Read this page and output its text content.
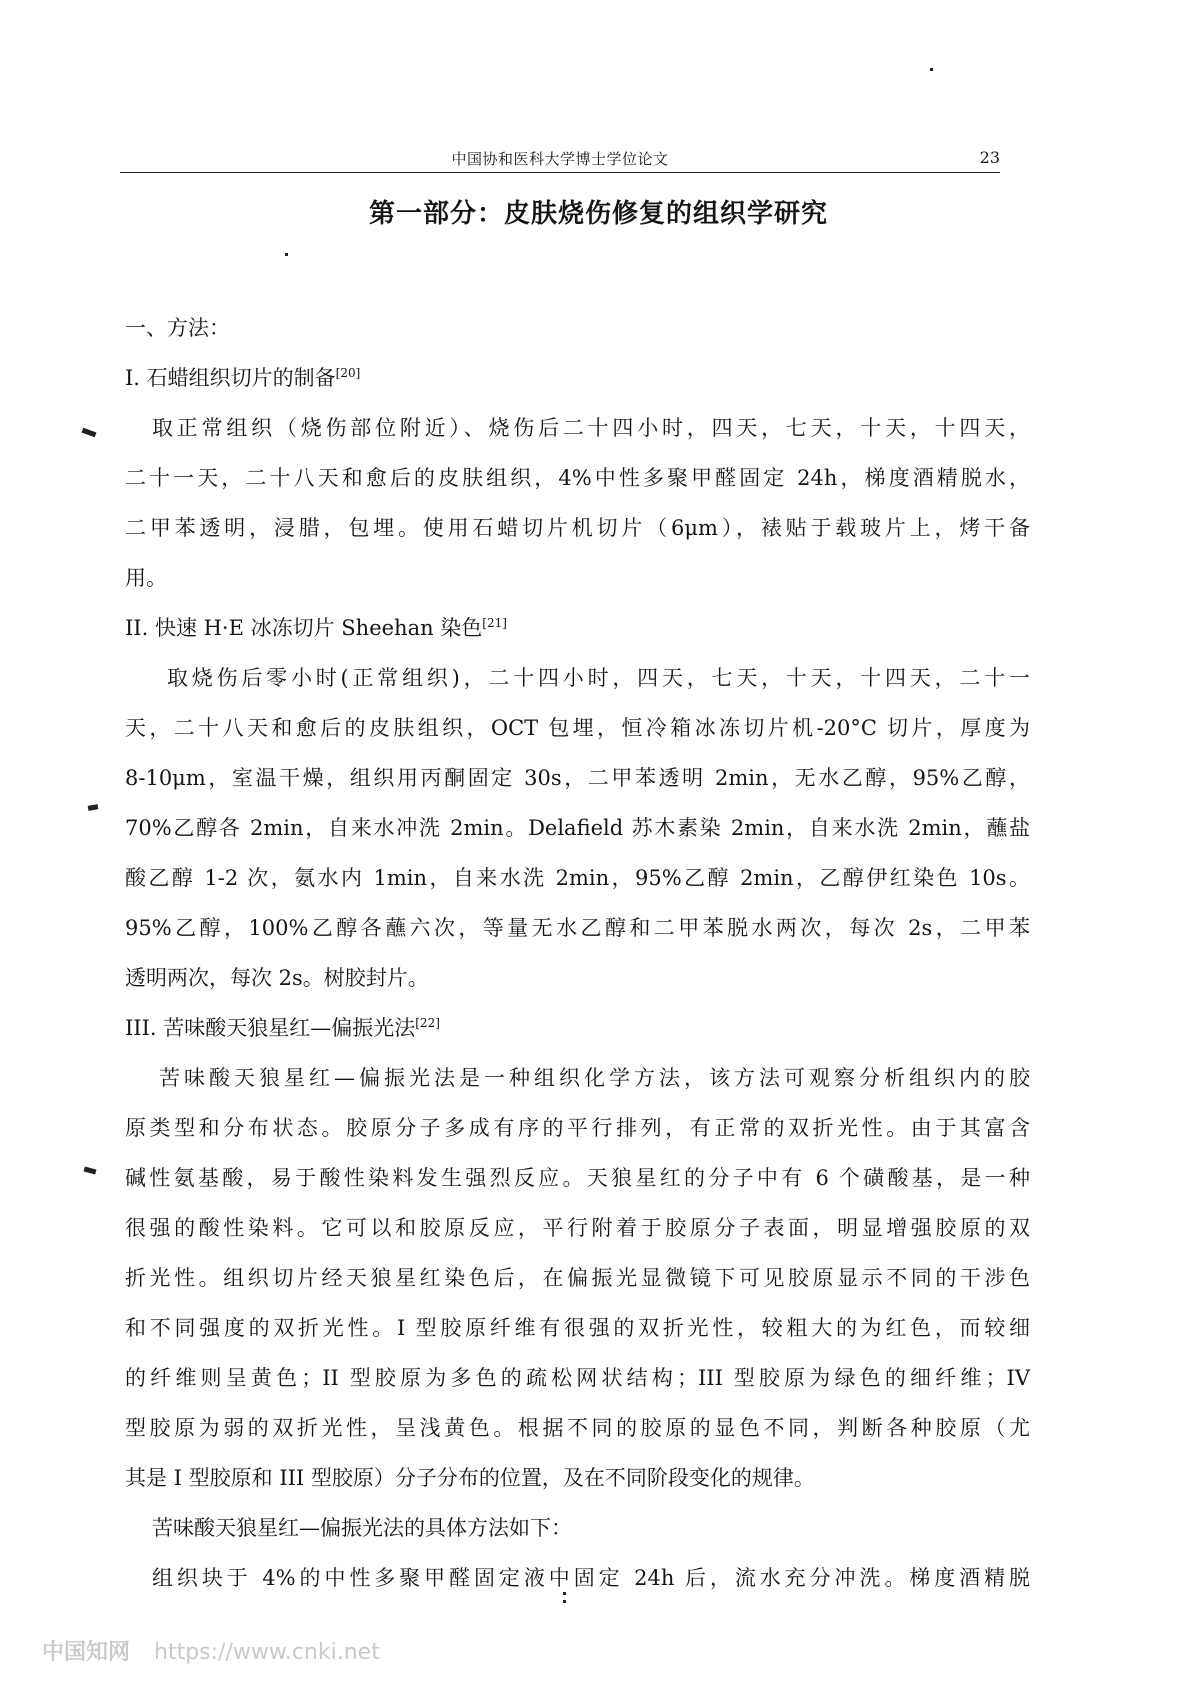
中国协和医科大学博士学位论文	23
第一部分：皮肤烧伤修复的组织学研究
一、方法：
I. 石蜡组织切片的制备[20]
取正常组织（烧伤部位附近）、烧伤后二十四小时，四天，七天，十天，十四天，
二十一天，二十八天和愈后的皮肤组织，4%中性多聚甲醛固定 24h，梯度酒精脱水，
二甲苯透明，浸腊，包埋。使用石蜡切片机切片（6μm），裱贴于载玻片上，烤干备
用。
II. 快速 H·E 冰冻切片 Sheehan 染色[21]
取烧伤后零小时(正常组织)，二十四小时，四天，七天，十天，十四天，二十一
天，二十八天和愈后的皮肤组织，OCT 包埋，恒冷箱冰冻切片机-20°C 切片，厚度为
8-10μm，室温干燥，组织用丙酮固定 30s，二甲苯透明 2min，无水乙醇，95%乙醇，
70%乙醇各 2min，自来水冲洗 2min。Delafield 苏木素染 2min，自来水洗 2min，蘸盐
酸乙醇 1-2 次，氨水内 1min，自来水洗 2min，95%乙醇 2min，乙醇伊红染色 10s。
95%乙醇，100%乙醇各蘸六次，等量无水乙醇和二甲苯脱水两次，每次 2s，二甲苯
透明两次，每次 2s。树胶封片。
III. 苦味酸天狼星红—偏振光法[22]
苦味酸天狼星红—偏振光法是一种组织化学方法，该方法可观察分析组织内的胶
原类型和分布状态。胶原分子多成有序的平行排列，有正常的双折光性。由于其富含
碱性氨基酸，易于酸性染料发生强烈反应。天狼星红的分子中有 6 个磺酸基，是一种
很强的酸性染料。它可以和胶原反应，平行附着于胶原分子表面，明显增强胶原的双
折光性。组织切片经天狼星红染色后，在偏振光显微镜下可见胶原显示不同的干涉色
和不同强度的双折光性。I 型胶原纤维有很强的双折光性，较粗大的为红色，而较细
的纤维则呈黄色；II 型胶原为多色的疏松网状结构；III 型胶原为绿色的细纤维；IV
型胶原为弱的双折光性，呈浅黄色。根据不同的胶原的显色不同，判断各种胶原（尤
其是 I 型胶原和 III 型胶原）分子分布的位置，及在不同阶段变化的规律。
苦味酸天狼星红—偏振光法的具体方法如下：
组织块于 4%的中性多聚甲醛固定液中固定 24h 后，流水充分冲洗。梯度酒精脱
中国知网 https://www.cnki.net
